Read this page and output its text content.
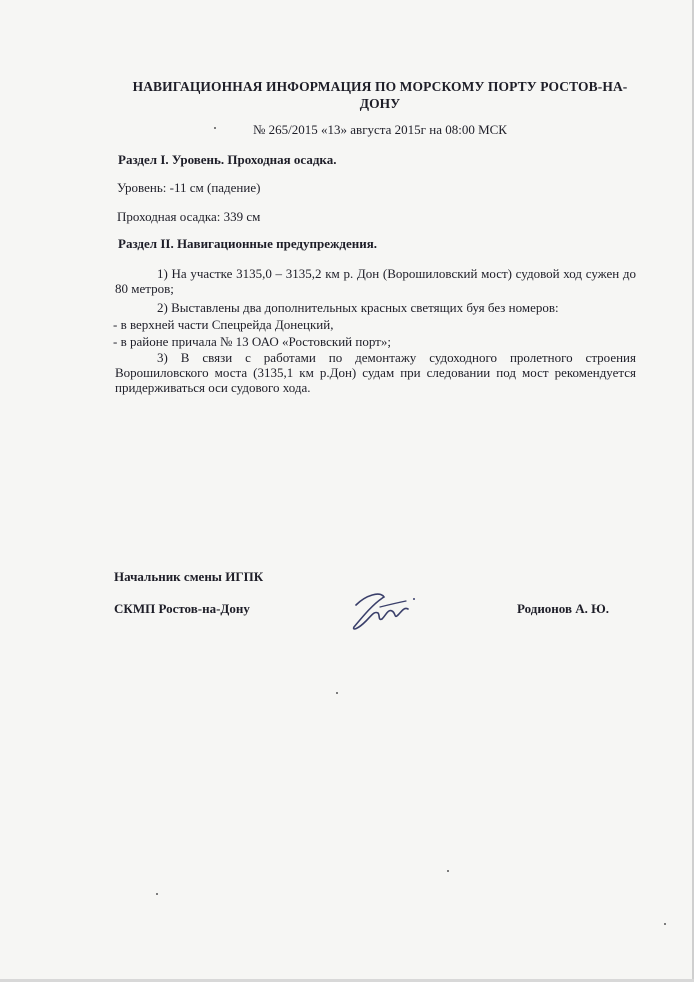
НАВИГАЦИОННАЯ ИНФОРМАЦИЯ ПО МОРСКОМУ ПОРТУ РОСТОВ-НА-ДОНУ
№ 265/2015 «13» августа 2015г на 08:00 МСК
Раздел I. Уровень. Проходная осадка.
Уровень: -11 см (падение)
Проходная осадка: 339 см
Раздел II. Навигационные предупреждения.
1) На участке 3135,0 – 3135,2 км р. Дон (Ворошиловский мост) судовой ход сужен до 80 метров;
2) Выставлены два дополнительных красных светящих буя без номеров:
- в верхней части Спецрейда Донецкий,
- в районе причала № 13 ОАО «Ростовский порт»;
3) В связи с работами по демонтажу судоходного пролетного строения Ворошиловского моста (3135,1 км р.Дон) судам при следовании под мост рекомендуется придерживаться оси судового хода.
Начальник смены ИГПК
СКМП Ростов-на-Дону	Родионов А. Ю.
